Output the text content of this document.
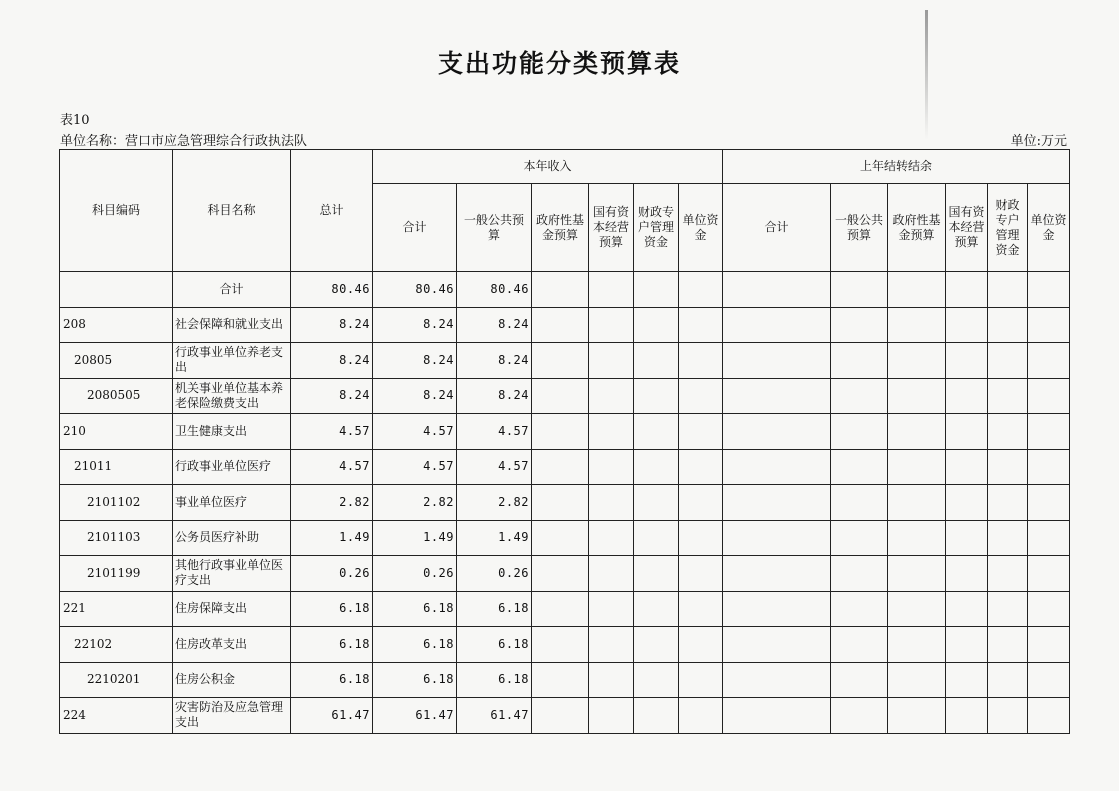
支出功能分类预算表
表10
单位名称：营口市应急管理综合行政执法队	单位:万元
科目编码	科目名称	总计	本年收入						上年结转结余					
			合计	一般公共预算	政府性基金预算	国有资本经营预算	财政专户管理资金	单位资金	合计	一般公共预算	政府性基金预算	国有资本经营预算	财政专户管理资金	单位资金
	合计	80.46	80.46	80.46										
208	社会保障和就业支出	8.24	8.24	8.24										
20805	行政事业单位养老支出	8.24	8.24	8.24										
2080505	机关事业单位基本养老保险缴费支出	8.24	8.24	8.24										
210	卫生健康支出	4.57	4.57	4.57										
21011	行政事业单位医疗	4.57	4.57	4.57										
2101102	事业单位医疗	2.82	2.82	2.82										
2101103	公务员医疗补助	1.49	1.49	1.49										
2101199	其他行政事业单位医疗支出	0.26	0.26	0.26										
221	住房保障支出	6.18	6.18	6.18										
22102	住房改革支出	6.18	6.18	6.18										
2210201	住房公积金	6.18	6.18	6.18										
224	灾害防治及应急管理支出	61.47	61.47	61.47										
